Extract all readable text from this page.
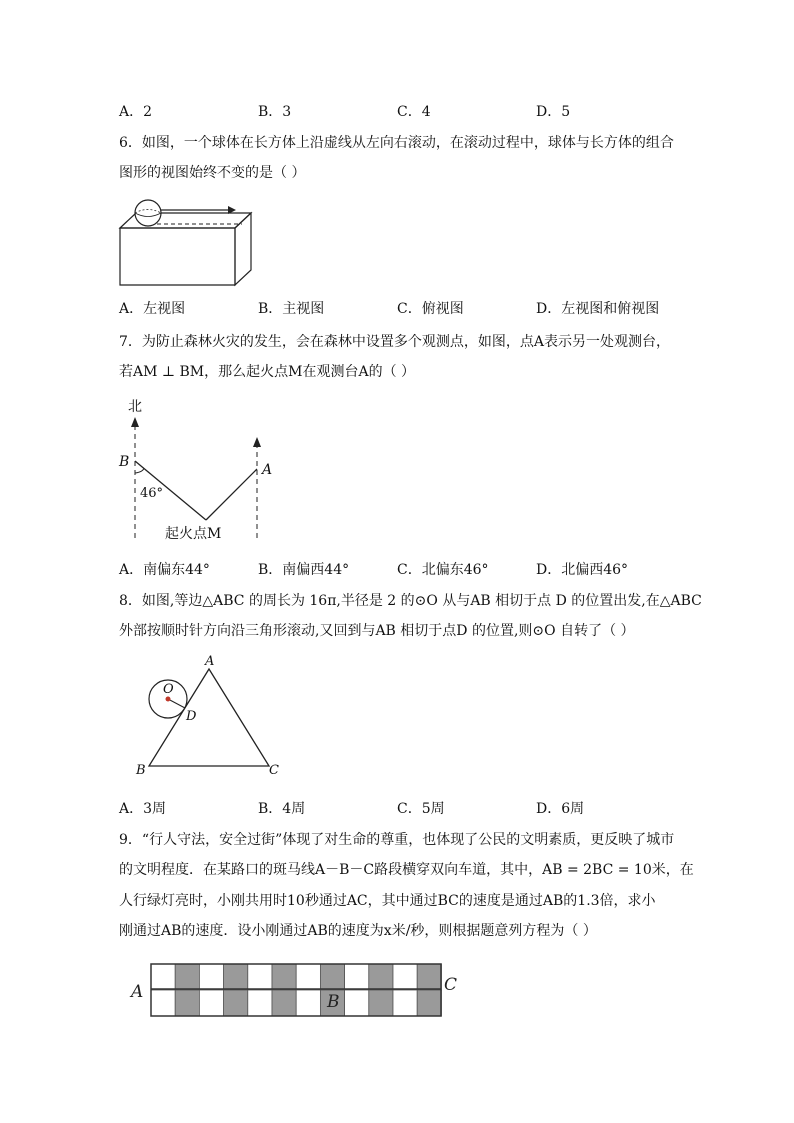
A．2	B．3	C．4	D．5
6．如图，一个球体在长方体上沿虚线从左向右滚动，在滚动过程中，球体与长方体的组合
图形的视图始终不变的是（ ）
A．左视图	B．主视图	C．俯视图	D．左视图和俯视图
7．为防止森林火灾的发生，会在森林中设置多个观测点，如图，点A表示另一处观测台，
若AM ⊥ BM，那么起火点M在观测台A的（ ）
北
B	A
46°
起火点M
A．南偏东44°	B．南偏西44°	C．北偏东46°	D．北偏西46°
8．如图,等边△ABC 的周长为 16π,半径是 2 的⊙O 从与AB 相切于点 D 的位置出发,在△ABC
外部按顺时针方向沿三角形滚动,又回到与AB 相切于点D 的位置,则⊙O 自转了（ ）
O
D
A
B	C
A．3周	B．4周	C．5周	D．6周
9．“行人守法，安全过街”体现了对生命的尊重，也体现了公民的文明素质，更反映了城市
的文明程度．在某路口的斑马线A－B－C路段横穿双向车道，其中，AB = 2BC = 10米，在
人行绿灯亮时，小刚共用时10秒通过AC，其中通过BC的速度是通过AB的1.3倍，求小
刚通过AB的速度．设小刚通过AB的速度为x米/秒，则根据题意列方程为（ ）
A	B
C
